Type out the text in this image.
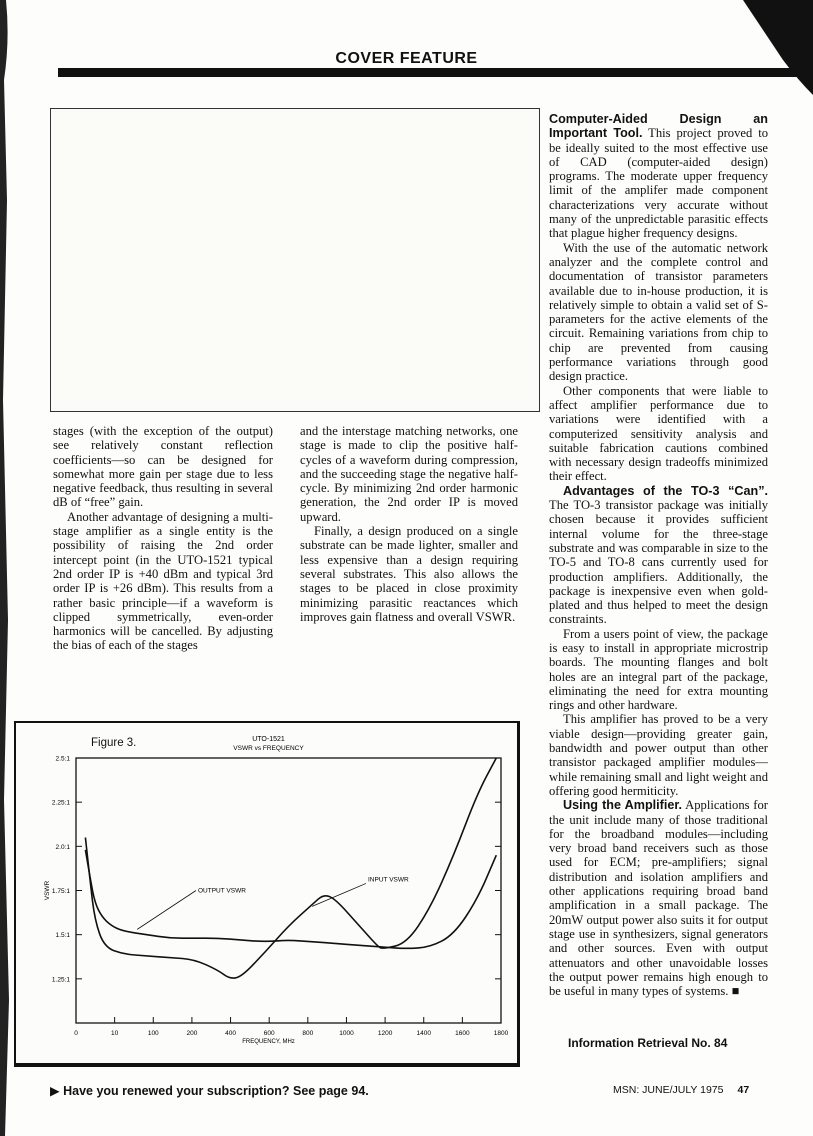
COVER FEATURE

stages (with the exception of the output) see relatively constant reflection coefficients—so can be designed for somewhat more gain per stage due to less negative feedback, thus resulting in several dB of “free” gain.

Another advantage of designing a multi-stage amplifier as a single entity is the possibility of raising the 2nd order intercept point (in the UTO-1521 typical 2nd order IP is +40 dBm and typical 3rd order IP is +26 dBm). This results from a rather basic principle—if a waveform is clipped symmetrically, even-order harmonics will be cancelled. By adjusting the bias of each of the stages

and the interstage matching networks, one stage is made to clip the positive half-cycles of a waveform during compression, and the succeeding stage the negative half-cycle. By minimizing 2nd order harmonic generation, the 2nd order IP is moved upward.

Finally, a design produced on a single substrate can be made lighter, smaller and less expensive than a design requiring several substrates. This also allows the stages to be placed in close proximity minimizing parasitic reactances which improves gain flatness and overall VSWR.

Computer-Aided Design an Important Tool. This project proved to be ideally suited to the most effective use of CAD (computer-aided design) programs. The moderate upper frequency limit of the amplifer made component characterizations very accurate without many of the unpredictable parasitic effects that plague higher frequency designs.

With the use of the automatic network analyzer and the complete control and documentation of transistor parameters available due to in-house production, it is relatively simple to obtain a valid set of S-parameters for the active elements of the circuit. Remaining variations from chip to chip are prevented from causing performance variations through good design practice.

Other components that were liable to affect amplifier performance due to variations were identified with a computerized sensitivity analysis and suitable fabrication cautions combined with necessary design tradeoffs minimized their effect.

Advantages of the TO-3 “Can”. The TO-3 transistor package was initially chosen because it provides sufficient internal volume for the three-stage substrate and was comparable in size to the TO-5 and TO-8 cans currently used for production amplifiers. Additionally, the package is inexpensive even when gold-plated and thus helped to meet the design constraints.

From a users point of view, the package is easy to install in appropriate microstrip boards. The mounting flanges and bolt holes are an integral part of the package, eliminating the need for extra mounting rings and other hardware.

This amplifier has proved to be a very viable design—providing greater gain, bandwidth and power output than other transistor packaged amplifier modules—while remaining small and light weight and offering good hermiticity.

Using the Amplifier. Applications for the unit include many of those traditional for the broadband modules—including very broad band receivers such as those used for ECM; pre-amplifiers; signal distribution and isolation amplifiers and other applications requiring broad band amplification in a small package. The 20mW output power also suits it for output stage use in synthesizers, signal generators and other sources. Even with output attenuators and other unavoidable losses the output power remains high enough to be useful in many types of systems. ■

Information Retrieval No. 84
Figure 3.	UTO-1521
VSWR vs FREQUENCY
2.5:1
2.25:1
2.0:1
1.75:1
1.5:1
1.25:1
0	10	100	200	400	600	800	1000	1200	1400	1600	1800
FREQUENCY, MHz
VSWR
INPUT VSWR
OUTPUT VSWR
▶ Have you renewed your subscription? See page 94.	MSN: JUNE/JULY 1975 47
